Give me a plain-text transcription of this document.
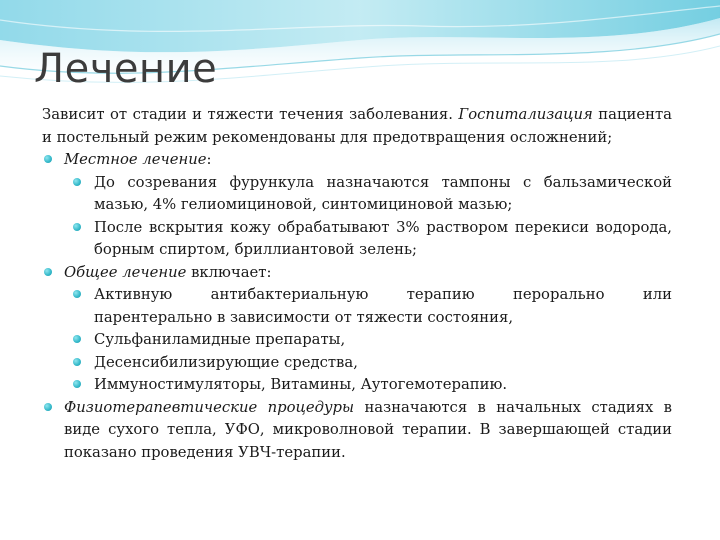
Лечение

Зависит от стадии и тяжести течения заболевания. Госпитализация пациента и постельный режим рекомендованы для предотвращения осложнений;

Местное лечение:
До созревания фурункула назначаются тампоны с бальзамической мазью, 4% гелиомициновой, синтомициновой мазью;
После вскрытия кожу обрабатывают 3% раствором перекиси водорода, борным спиртом, бриллиантовой зелень;
Общее лечение включает:
Активную антибактериальную терапию перорально или
парентерально в зависимости от тяжести состояния,
Сульфаниламидные препараты,
Десенсибилизирующие средства,
Иммуностимуляторы, Витамины, Аутогемотерапию.
Физиотерапевтические процедуры назначаются в начальных стадиях в виде сухого тепла, УФО, микроволновой терапии. В завершающей стадии показано проведения УВЧ-терапии.
